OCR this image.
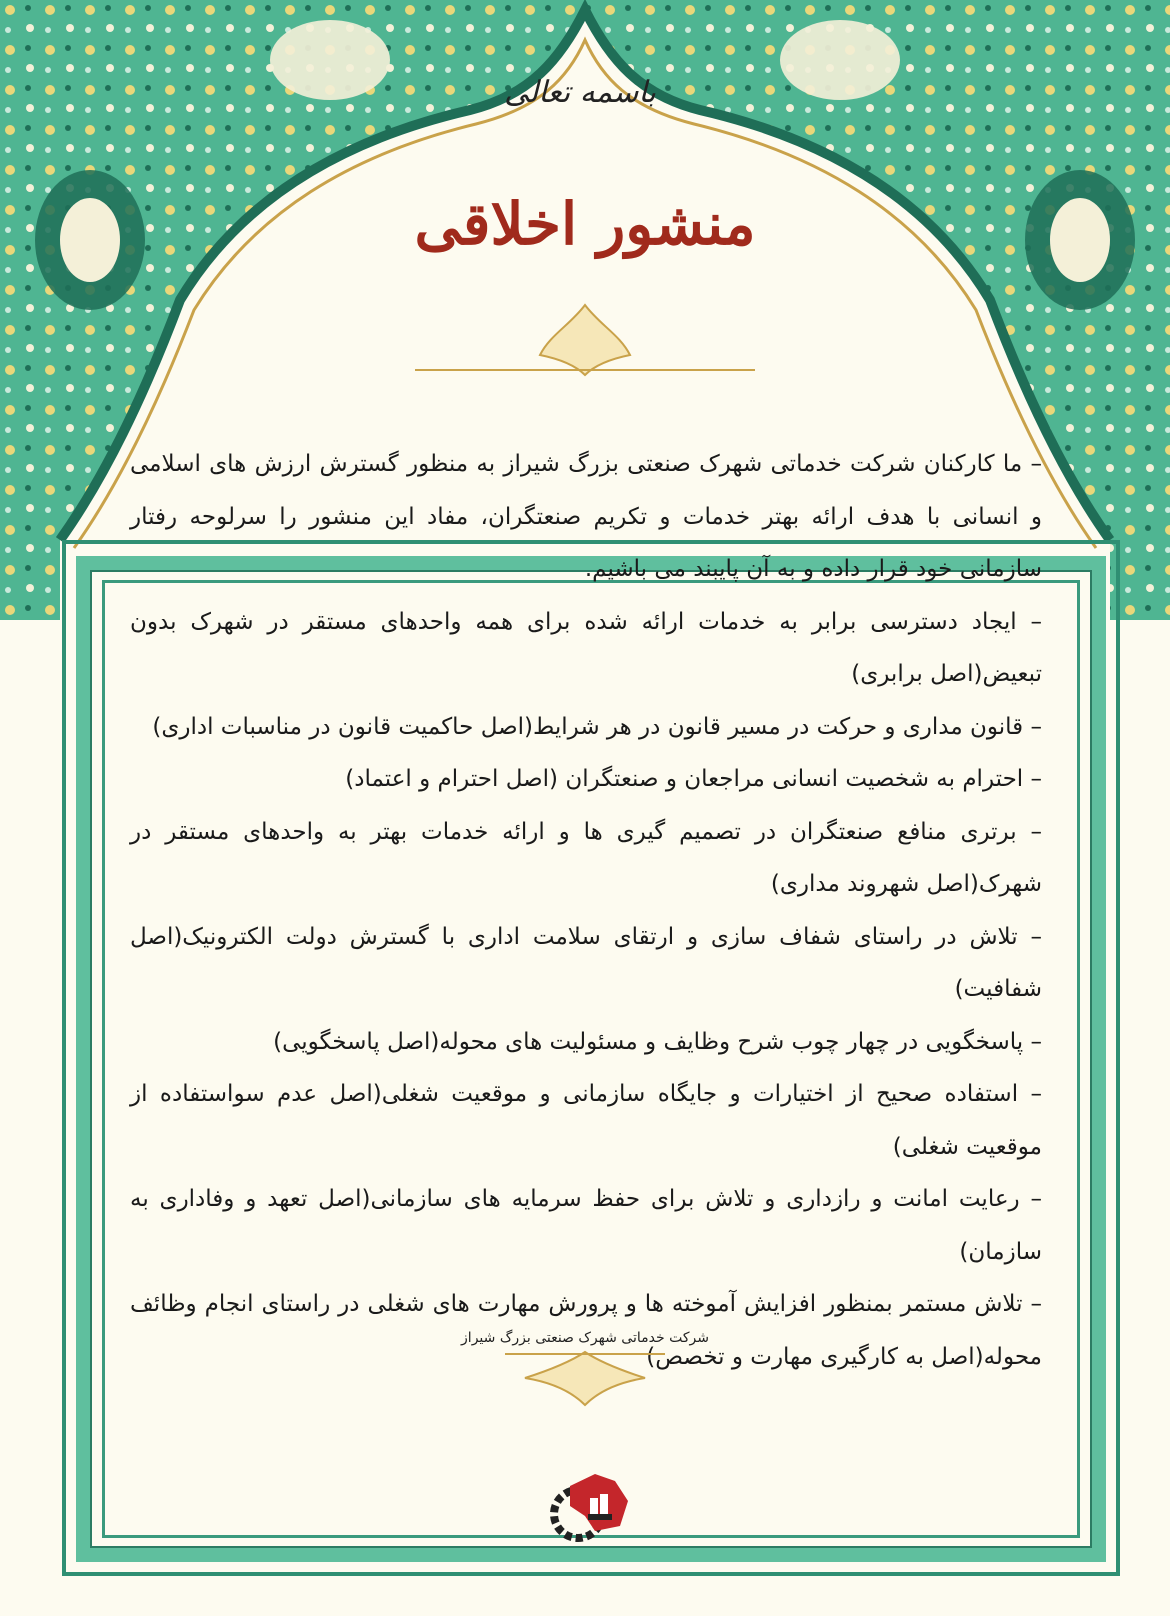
باسمه تعالی
منشور اخلاقی

– ما کارکنان شرکت خدماتی شهرک صنعتی بزرگ شیراز به منظور گسترش ارزش های اسلامی و انسانی با هدف ارائه بهتر خدمات و تکریم صنعتگران، مفاد این منشور را سرلوحه رفتار سازمانی خود قرار داده و به آن پایبند می باشیم.

– ایجاد دسترسی برابر به خدمات ارائه شده برای همه واحدهای مستقر در شهرک بدون تبعیض(اصل برابری)

– قانون مداری و حرکت در مسیر قانون در هر شرایط(اصل حاکمیت قانون در مناسبات اداری)

– احترام به شخصیت انسانی مراجعان و صنعتگران (اصل احترام و اعتماد)

– برتری منافع صنعتگران در تصمیم گیری ها و ارائه خدمات بهتر به واحدهای مستقر در شهرک(اصل شهروند مداری)

– تلاش در راستای شفاف سازی و ارتقای سلامت اداری با گسترش دولت الکترونیک(اصل شفافیت)

– پاسخگویی در چهار چوب شرح وظایف و مسئولیت های محوله(اصل پاسخگویی)

– استفاده صحیح از اختیارات و جایگاه سازمانی و موقعیت شغلی(اصل عدم سواستفاده از موقعیت شغلی)

– رعایت امانت و رازداری و تلاش برای حفظ سرمایه های سازمانی(اصل تعهد و وفاداری به سازمان)

– تلاش مستمر بمنظور افزایش آموخته ها و پرورش مهارت های شغلی در راستای انجام وظائف محوله(اصل به کارگیری مهارت و تخصص)

شرکت خدماتی شهرک صنعتی بزرگ شیراز
